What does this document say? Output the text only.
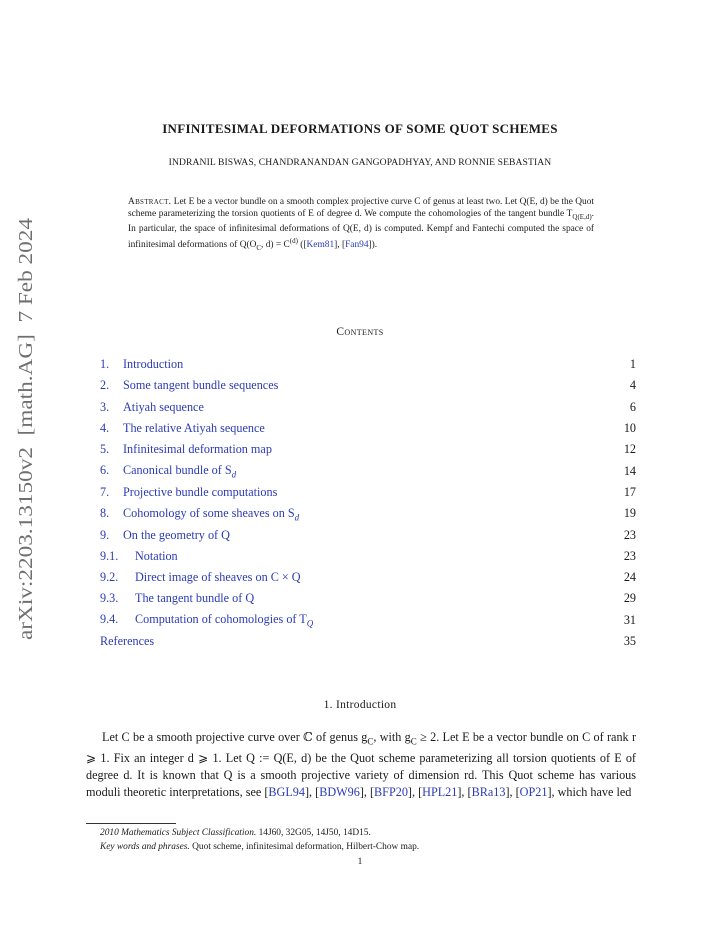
arXiv:2203.13150v2  [math.AG]  7 Feb 2024
INFINITESIMAL DEFORMATIONS OF SOME QUOT SCHEMES
INDRANIL BISWAS, CHANDRANANDAN GANGOPADHYAY, AND RONNIE SEBASTIAN
Abstract. Let E be a vector bundle on a smooth complex projective curve C of genus at least two. Let Q(E, d) be the Quot scheme parameterizing the torsion quotients of E of degree d. We compute the cohomologies of the tangent bundle $T_{Q(E,d)}$. In particular, the space of infinitesimal deformations of Q(E, d) is computed. Kempf and Fantechi computed the space of infinitesimal deformations of $Q(O_C$, $d) = C^{(d)}$ ([Kem81], [Fan94]).
Contents
1. Introduction	1
2. Some tangent bundle sequences	4
3. Atiyah sequence	6
4. The relative Atiyah sequence	10
5. Infinitesimal deformation map	12
6. Canonical bundle of $S_d$	14
7. Projective bundle computations	17
8. Cohomology of some sheaves on $S_d$	19
9. On the geometry of Q	23
9.1. Notation	23
9.2. Direct image of sheaves on C × Q	24
9.3. The tangent bundle of Q	29
9.4. Computation of cohomologies of $T_Q$	31
References	35
1. Introduction
Let C be a smooth projective curve over ℂ of genus $g_C$, with $g_C \ge 2$. Let E be a vector bundle on C of rank r ⩾ 1. Fix an integer d ⩾ 1. Let Q := Q(E, d) be the Quot scheme parameterizing all torsion quotients of E of degree d. It is known that Q is a smooth projective variety of dimension rd. This Quot scheme has various moduli theoretic interpretations, see [BGL94], [BDW96], [BFP20], [HPL21], [BRa13], [OP21], which have led
2010 Mathematics Subject Classification. 14J60, 32G05, 14J50, 14D15.
Key words and phrases. Quot scheme, infinitesimal deformation, Hilbert-Chow map.
1
